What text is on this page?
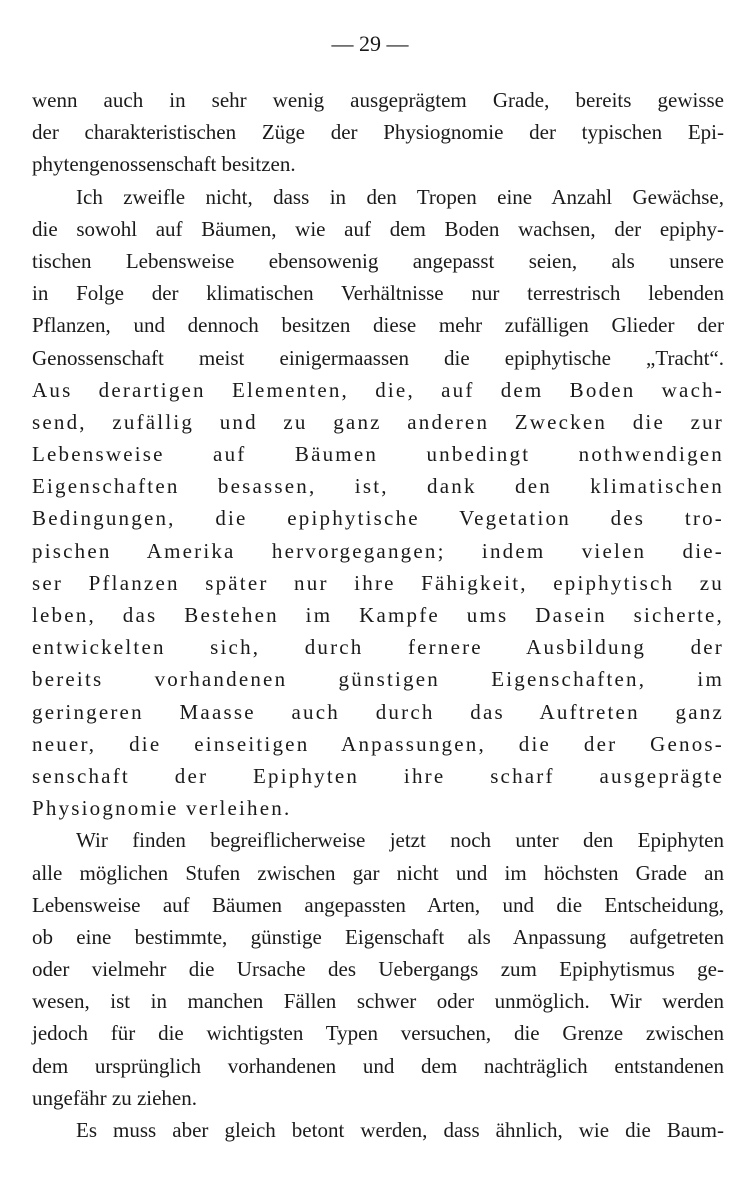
— 29 —
wenn auch in sehr wenig ausgeprägtem Grade, bereits gewisse
der charakteristischen Züge der Physiognomie der typischen Epi-
phytengenossenschaft besitzen.
Ich zweifle nicht, dass in den Tropen eine Anzahl Gewächse,
die sowohl auf Bäumen, wie auf dem Boden wachsen, der epiphy-
tischen Lebensweise ebensowenig angepasst seien, als unsere
in Folge der klimatischen Verhältnisse nur terrestrisch lebenden
Pflanzen, und dennoch besitzen diese mehr zufälligen Glieder der
Genossenschaft meist einigermaassen die epiphytische „Tracht“.
Aus derartigen Elementen, die, auf dem Boden wach-
send, zufällig und zu ganz anderen Zwecken die zur
Lebensweise auf Bäumen unbedingt nothwendigen
Eigenschaften besassen, ist, dank den klimatischen
Bedingungen, die epiphytische Vegetation des tro-
pischen Amerika hervorgegangen; indem vielen die-
ser Pflanzen später nur ihre Fähigkeit, epiphytisch zu
leben, das Bestehen im Kampfe ums Dasein sicherte,
entwickelten sich, durch fernere Ausbildung der
bereits vorhandenen günstigen Eigenschaften, im
geringeren Maasse auch durch das Auftreten ganz
neuer, die einseitigen Anpassungen, die der Genos-
senschaft der Epiphyten ihre scharf ausgeprägte
Physiognomie verleihen.
Wir finden begreiflicherweise jetzt noch unter den Epiphyten
alle möglichen Stufen zwischen gar nicht und im höchsten Grade an
Lebensweise auf Bäumen angepassten Arten, und die Entscheidung,
ob eine bestimmte, günstige Eigenschaft als Anpassung aufgetreten
oder vielmehr die Ursache des Uebergangs zum Epiphytismus ge-
wesen, ist in manchen Fällen schwer oder unmöglich. Wir werden
jedoch für die wichtigsten Typen versuchen, die Grenze zwischen
dem ursprünglich vorhandenen und dem nachträglich entstandenen
ungefähr zu ziehen.
Es muss aber gleich betont werden, dass ähnlich, wie die Baum-
